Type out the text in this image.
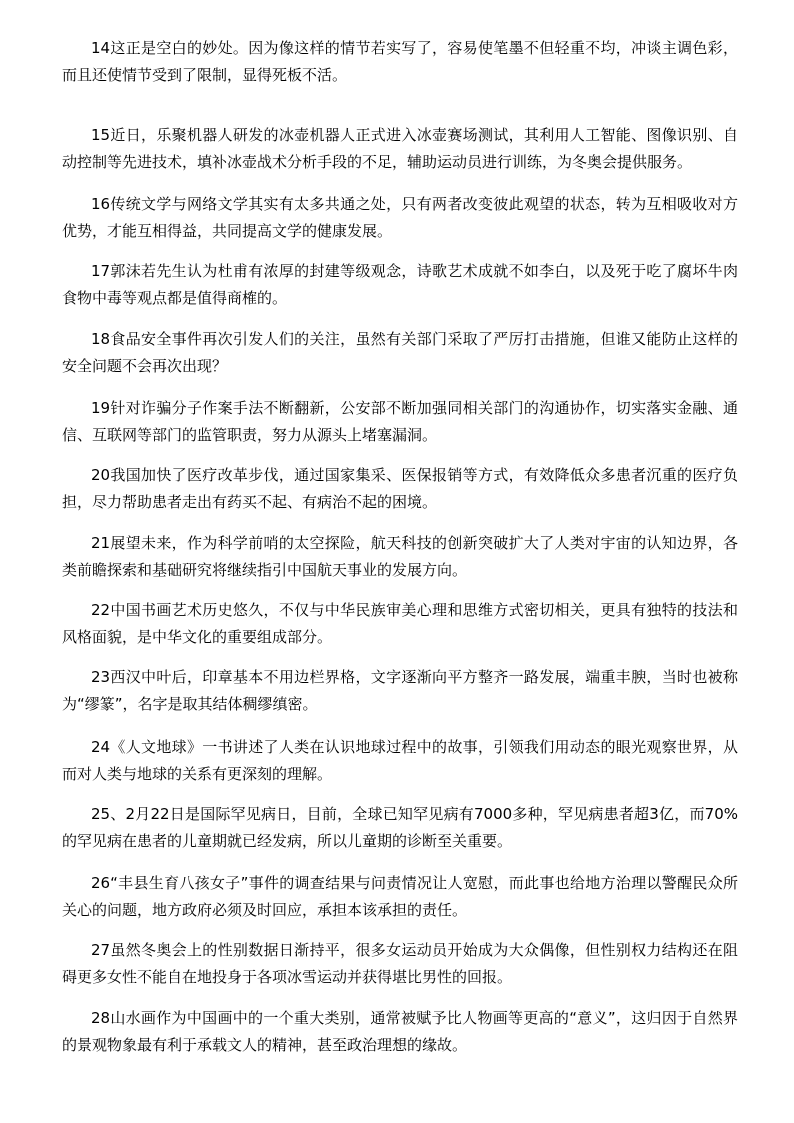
14这正是空白的妙处。因为像这样的情节若实写了，容易使笔墨不但轻重不均，冲谈主调色彩，而且还使情节受到了限制，显得死板不活。

15近日，乐聚机器人研发的冰壶机器人正式进入冰壶赛场测试，其利用人工智能、图像识别、自动控制等先进技术，填补冰壶战术分析手段的不足，辅助运动员进行训练，为冬奥会提供服务。

16传统文学与网络文学其实有太多共通之处，只有两者改变彼此观望的状态，转为互相吸收对方优势，才能互相得益，共同提高文学的健康发展。

17郭沫若先生认为杜甫有浓厚的封建等级观念，诗歌艺术成就不如李白，以及死于吃了腐坏牛肉食物中毒等观点都是值得商榷的。

18食品安全事件再次引发人们的关注，虽然有关部门采取了严厉打击措施，但谁又能防止这样的安全问题不会再次出现？

19针对诈骗分子作案手法不断翻新，公安部不断加强同相关部门的沟通协作，切实落实金融、通信、互联网等部门的监管职责，努力从源头上堵塞漏洞。

20我国加快了医疗改革步伐，通过国家集采、医保报销等方式，有效降低众多患者沉重的医疗负担，尽力帮助患者走出有药买不起、有病治不起的困境。

21展望未来，作为科学前哨的太空探险，航天科技的创新突破扩大了人类对宇宙的认知边界，各类前瞻探索和基础研究将继续指引中国航天事业的发展方向。

22中国书画艺术历史悠久，不仅与中华民族审美心理和思维方式密切相关，更具有独特的技法和风格面貌，是中华文化的重要组成部分。

23西汉中叶后，印章基本不用边栏界格，文字逐渐向平方整齐一路发展，端重丰腴，当时也被称为“缪篆”，名字是取其结体稠缪缜密。

24《人文地球》一书讲述了人类在认识地球过程中的故事，引领我们用动态的眼光观察世界，从而对人类与地球的关系有更深刻的理解。

25、2月22日是国际罕见病日，目前，全球已知罕见病有7000多种，罕见病患者超3亿，而70%的罕见病在患者的儿童期就已经发病，所以儿童期的诊断至关重要。

26“丰县生育八孩女子”事件的调查结果与问责情况让人宽慰，而此事也给地方治理以警醒民众所关心的问题，地方政府必须及时回应，承担本该承担的责任。

27虽然冬奥会上的性别数据日渐持平，很多女运动员开始成为大众偶像，但性别权力结构还在阻碍更多女性不能自在地投身于各项冰雪运动并获得堪比男性的回报。

28山水画作为中国画中的一个重大类别，通常被赋予比人物画等更高的“意义”，这归因于自然界的景观物象最有利于承载文人的精神，甚至政治理想的缘故。
